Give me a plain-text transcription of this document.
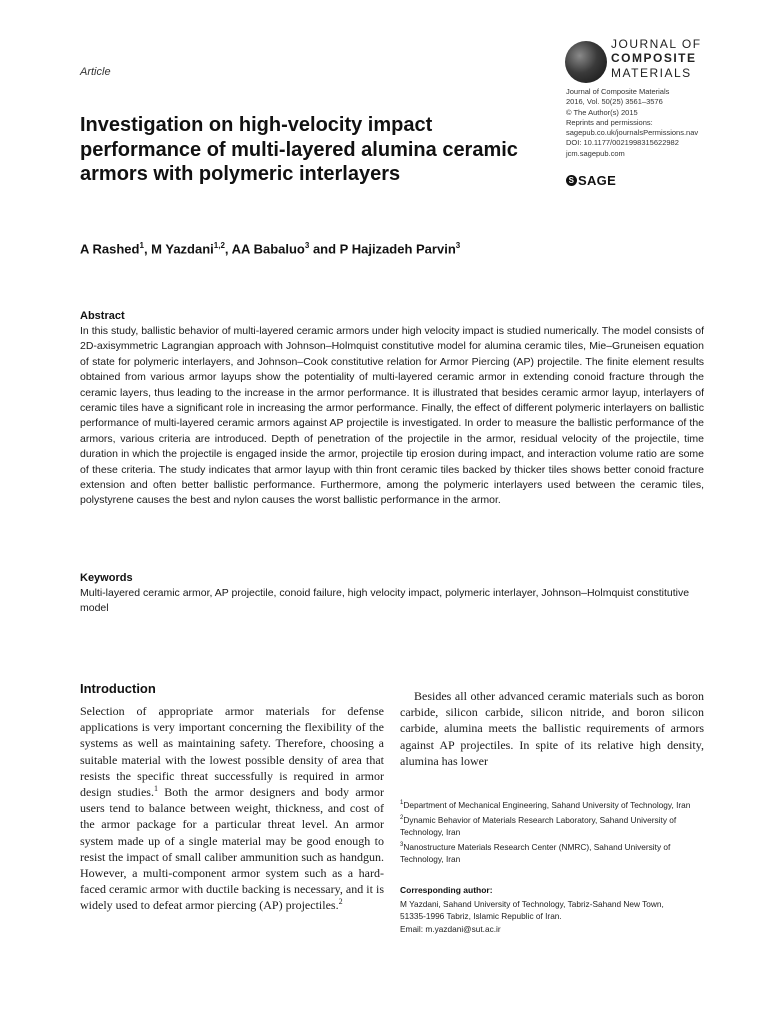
Article
JOURNAL OF
COMPOSITE
MATERIALS
Journal of Composite Materials
2016, Vol. 50(25) 3561–3576
© The Author(s) 2015
Reprints and permissions:
sagepub.co.uk/journalsPermissions.nav
DOI: 10.1177/0021998315622982
jcm.sagepub.com
S SAGE
Investigation on high-velocity impact performance of multi-layered alumina ceramic armors with polymeric interlayers
A Rashed$^1$, M Yazdani$^{1,2}$, AA Babaluo$^3$ and P Hajizadeh Parvin$^3$
Abstract
In this study, ballistic behavior of multi-layered ceramic armors under high velocity impact is studied numerically. The model consists of 2D-axisymmetric Lagrangian approach with Johnson–Holmquist constitutive model for alumina ceramic tiles, Mie–Gruneisen equation of state for polymeric interlayers, and Johnson–Cook constitutive relation for Armor Piercing (AP) projectile. The finite element results obtained from various armor layups show the potentiality of multi-layered ceramic armor in extending conoid fracture through the ceramic layers, thus leading to the increase in the armor performance. It is illustrated that besides ceramic armor layup, interlayers of ceramic tiles have a significant role in increasing the armor performance. Finally, the effect of different polymeric interlayers on ballistic performance of multi-layered ceramic armors against AP projectile is investigated. In order to measure the ballistic performance of the armors, various criteria are introduced. Depth of penetration of the projectile in the armor, residual velocity of the projectile, time duration in which the projectile is engaged inside the armor, projectile tip erosion during impact, and interaction volume ratio are some of these criteria. The study indicates that armor layup with thin front ceramic tiles backed by thicker tiles shows better conoid fracture extension and often better ballistic performance. Furthermore, among the polymeric interlayers used between the ceramic tiles, polystyrene causes the best and nylon causes the worst ballistic performance in the armor.
Keywords
Multi-layered ceramic armor, AP projectile, conoid failure, high velocity impact, polymeric interlayer, Johnson–Holmquist constitutive model
Introduction
Selection of appropriate armor materials for defense applications is very important concerning the flexibility of the systems as well as maintaining safety. Therefore, choosing a suitable material with the lowest possible density of area that resists the specific threat successfully is required in armor design studies.$^1$ Both the armor designers and body armor users tend to balance between weight, thickness, and cost of the armor package for a particular threat level. An armor system made up of a single material may be good enough to resist the impact of small caliber ammunition such as handgun. However, a multi-component armor system such as a hard-faced ceramic armor with ductile backing is necessary, and it is widely used to defeat armor piercing (AP) projectiles.$^2$
Besides all other advanced ceramic materials such as boron carbide, silicon carbide, silicon nitride, and boron silicon carbide, alumina meets the ballistic requirements of armors against AP projectiles. In spite of its relative high density, alumina has lower

$^1$Department of Mechanical Engineering, Sahand University of Technology, Iran

$^2$Dynamic Behavior of Materials Research Laboratory, Sahand University of Technology, Iran

$^3$Nanostructure Materials Research Center (NMRC), Sahand University of Technology, Iran

Corresponding author:
M Yazdani, Sahand University of Technology, Tabriz-Sahand New Town,
51335-1996 Tabriz, Islamic Republic of Iran.
Email: m.yazdani@sut.ac.ir
